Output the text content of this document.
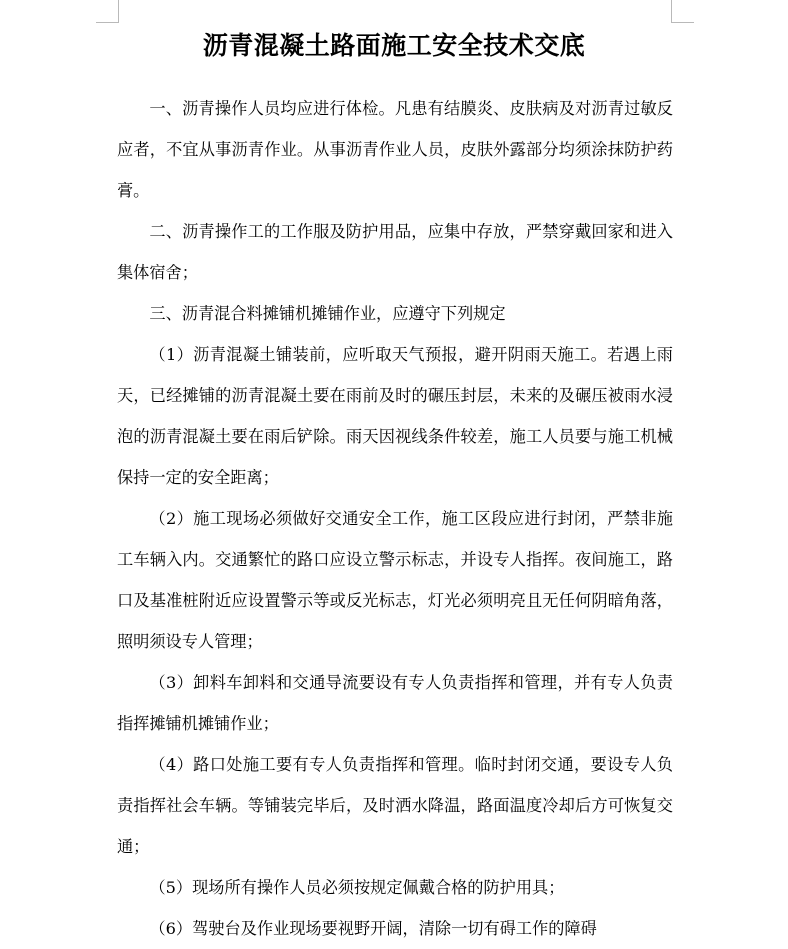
沥青混凝土路面施工安全技术交底

一、沥青操作人员均应进行体检。凡患有结膜炎、皮肤病及对沥青过敏反应者，不宜从事沥青作业。从事沥青作业人员，皮肤外露部分均须涂抹防护药膏。

二、沥青操作工的工作服及防护用品，应集中存放，严禁穿戴回家和进入集体宿舍；

三、沥青混合料摊铺机摊铺作业，应遵守下列规定

（1）沥青混凝土铺装前，应听取天气预报，避开阴雨天施工。若遇上雨天，已经摊铺的沥青混凝土要在雨前及时的碾压封层，未来的及碾压被雨水浸泡的沥青混凝土要在雨后铲除。雨天因视线条件较差，施工人员要与施工机械保持一定的安全距离；

（2）施工现场必须做好交通安全工作，施工区段应进行封闭，严禁非施工车辆入内。交通繁忙的路口应设立警示标志，并设专人指挥。夜间施工，路口及基准桩附近应设置警示等或反光标志，灯光必须明亮且无任何阴暗角落，照明须设专人管理；

（3）卸料车卸料和交通导流要设有专人负责指挥和管理，并有专人负责指挥摊铺机摊铺作业；

（4）路口处施工要有专人负责指挥和管理。临时封闭交通，要设专人负责指挥社会车辆。等铺装完毕后，及时洒水降温，路面温度冷却后方可恢复交通；

（5）现场所有操作人员必须按规定佩戴合格的防护用具；

（6）驾驶台及作业现场要视野开阔，清除一切有碍工作的障碍
